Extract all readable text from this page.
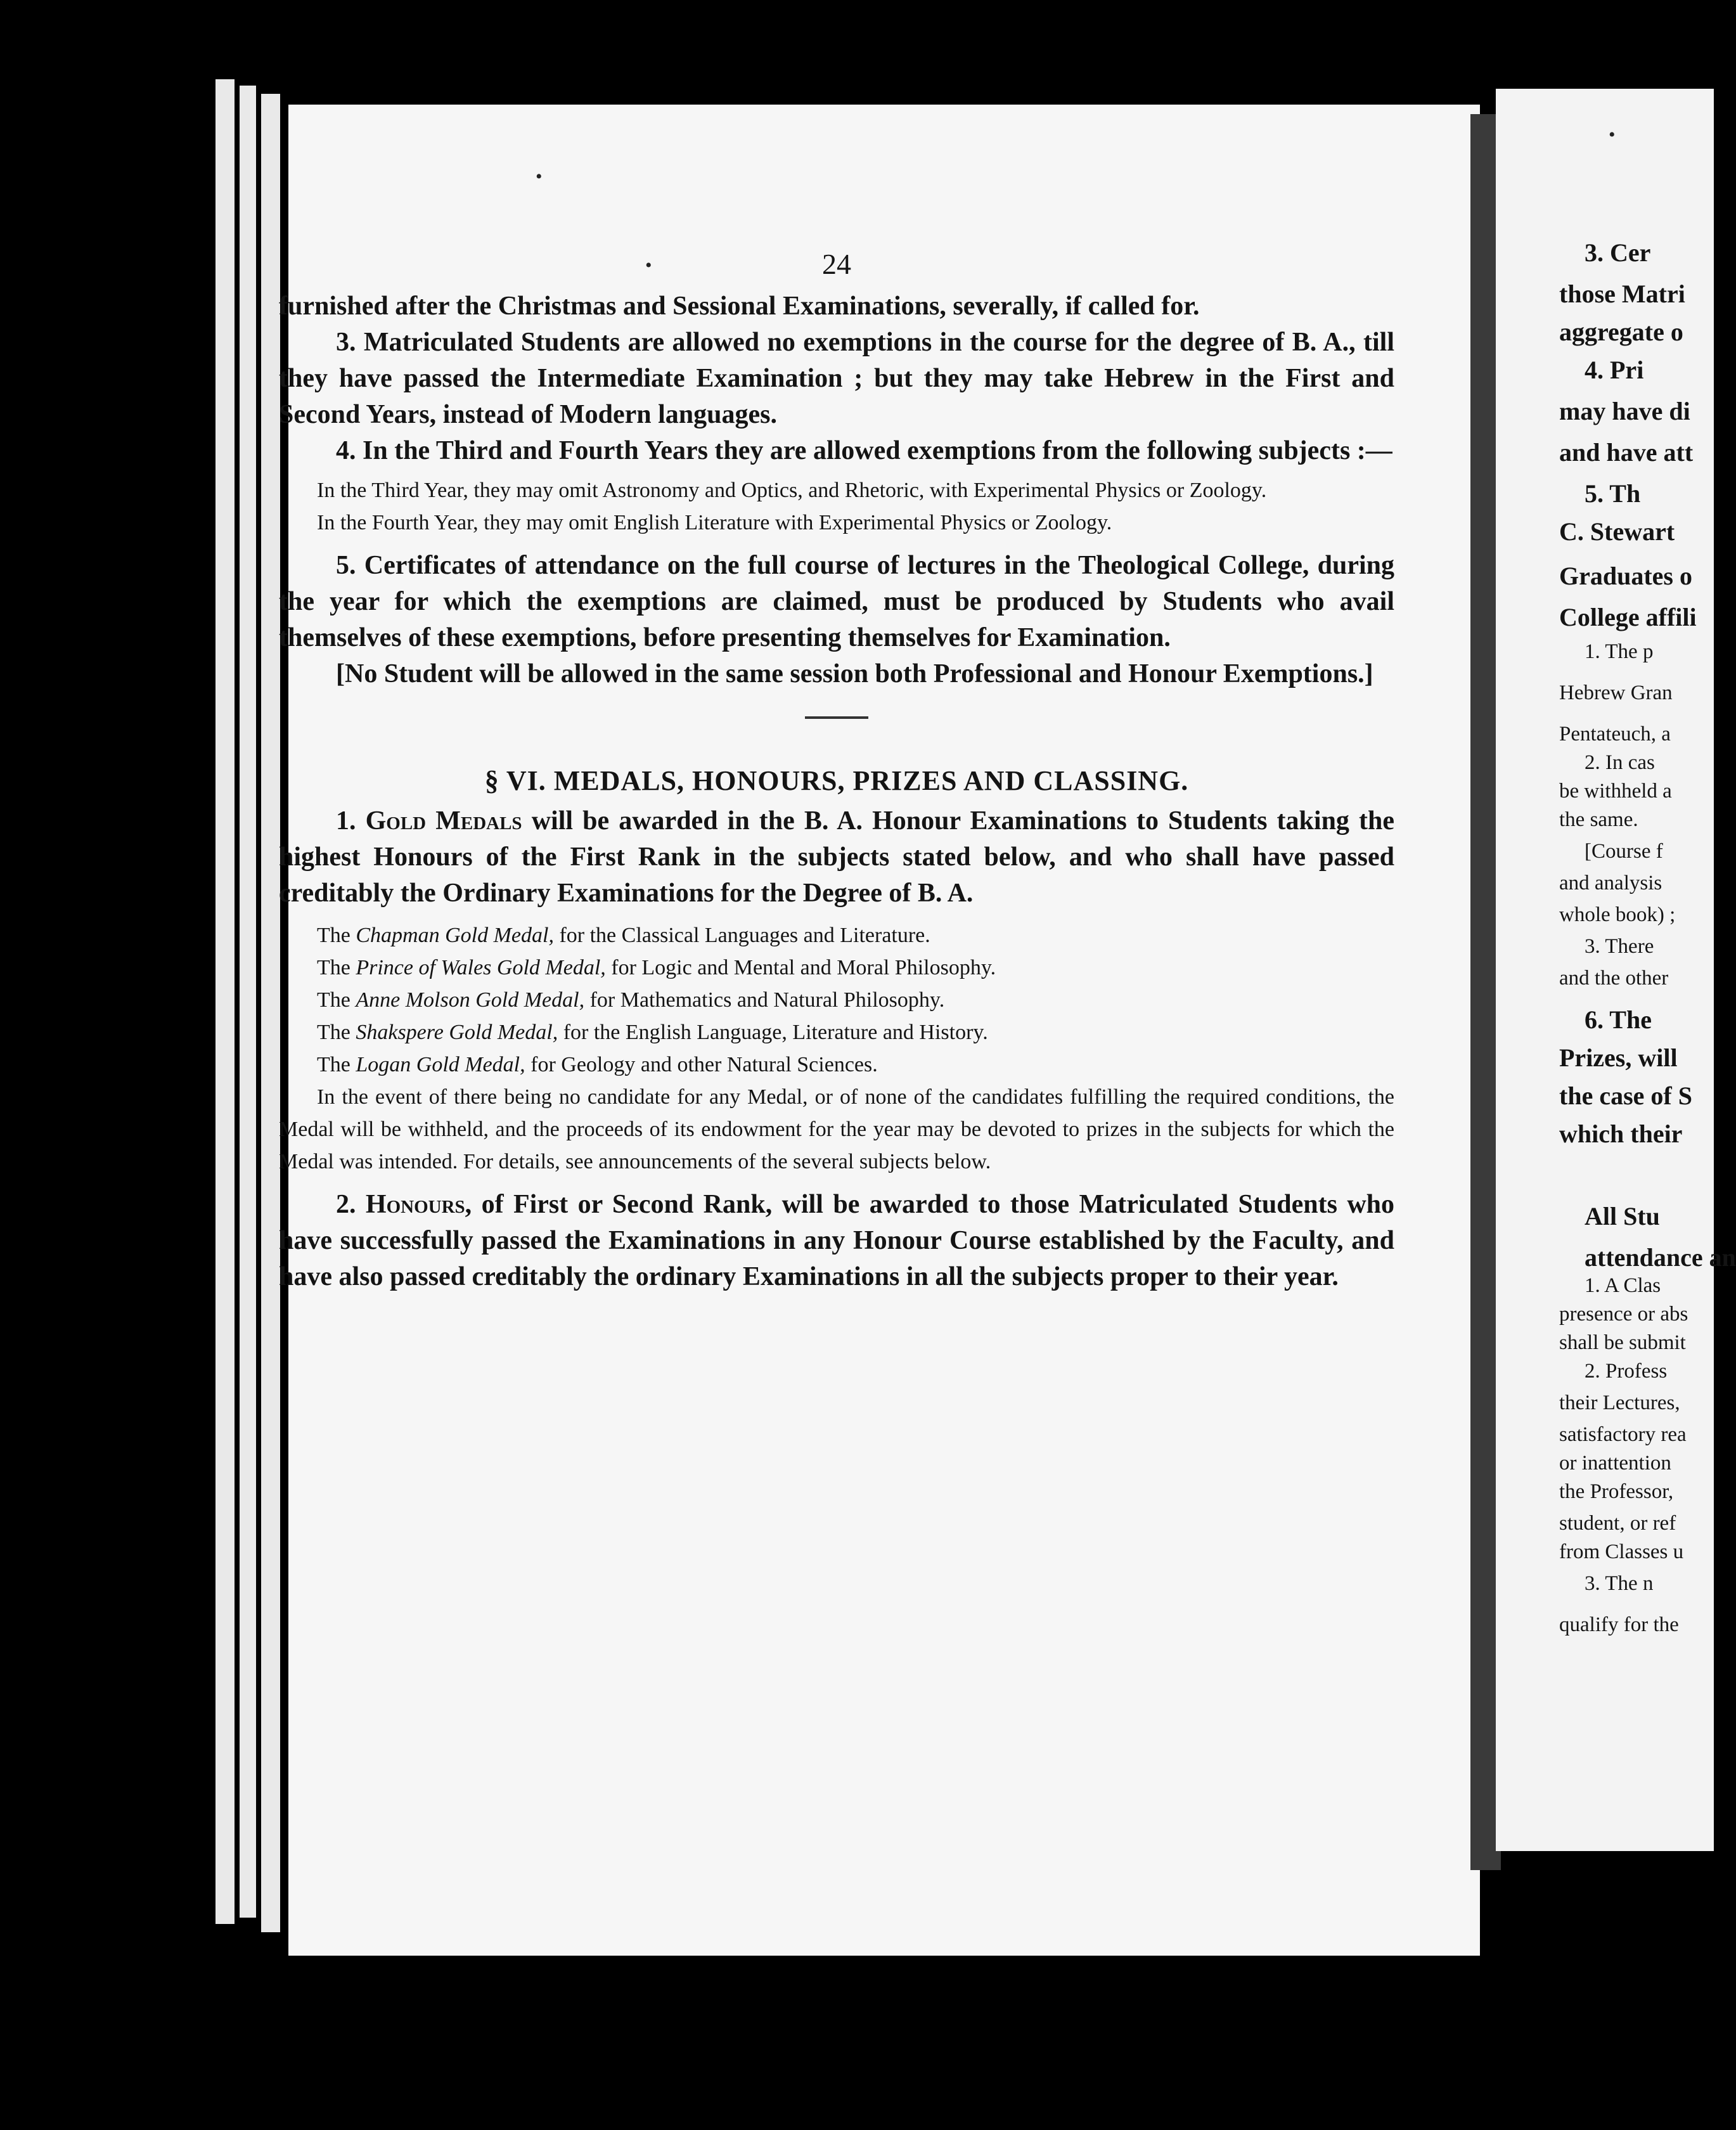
3. Cer
those Matri
aggregate o
4. Pri
may have di
and have att
5. Th
C. Stewart
Graduates o
College affili
1. The p
Hebrew Gran
Pentateuch, a
2. In cas
be withheld a
the same.
[Course f
and analysis
whole book) ;
3. There
and the other
6. The
Prizes, will
the case of S
which their
All Stu
attendance an
1. A Clas
presence or abs
shall be submit
2. Profess
their Lectures,
satisfactory rea
or inattention
the Professor,
student, or ref
from Classes u
3. The n
qualify for the
24

furnished after the Christmas and Sessional Examinations, severally, if called for.

3. Matriculated Students are allowed no exemptions in the course for the degree of B. A., till they have passed the Intermediate Examination ; but they may take Hebrew in the First and Second Years, instead of Modern languages.

4. In the Third and Fourth Years they are allowed exemptions from the following subjects :—

In the Third Year, they may omit Astronomy and Optics, and Rhetoric, with Experimental Physics or Zoology.

In the Fourth Year, they may omit English Literature with Experimental Physics or Zoology.

5. Certificates of attendance on the full course of lectures in the Theological College, during the year for which the exemptions are claimed, must be produced by Students who avail themselves of these exemptions, before presenting themselves for Examination.

[No Student will be allowed in the same session both Professional and Honour Exemptions.]

§ VI. MEDALS, HONOURS, PRIZES AND CLASSING.

1. Gold Medals will be awarded in the B. A. Honour Examinations to Students taking the highest Honours of the First Rank in the subjects stated below, and who shall have passed creditably the Ordinary Examinations for the Degree of B. A.

The Chapman Gold Medal, for the Classical Languages and Literature.
The Prince of Wales Gold Medal, for Logic and Mental and Moral Philosophy.
The Anne Molson Gold Medal, for Mathematics and Natural Philosophy.
The Shakspere Gold Medal, for the English Language, Literature and History.
The Logan Gold Medal, for Geology and other Natural Sciences.

In the event of there being no candidate for any Medal, or of none of the candidates fulfilling the required conditions, the Medal will be withheld, and the proceeds of its endowment for the year may be devoted to prizes in the subjects for which the Medal was intended. For details, see announcements of the several subjects below.

2. Honours, of First or Second Rank, will be awarded to those Matriculated Students who have successfully passed the Examinations in any Honour Course established by the Faculty, and have also passed creditably the ordinary Examinations in all the subjects proper to their year.

•
•
•
